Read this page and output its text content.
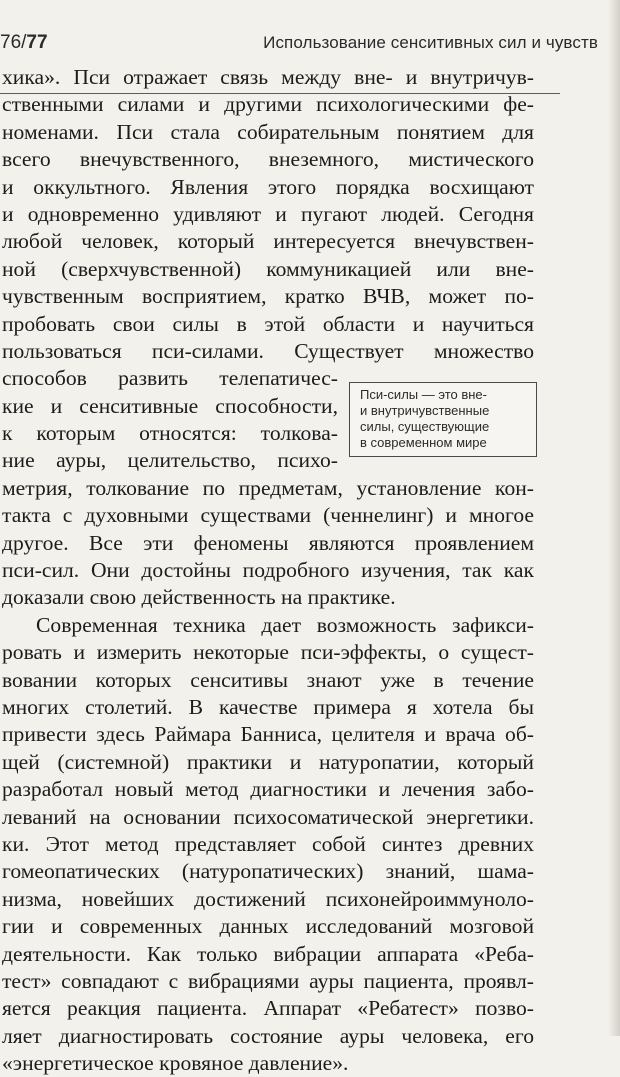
76/77	Использование сенситивных сил и чувств
хика». Пси отражает связь между вне- и внутричув-
ственными силами и другими психологическими фе-
номенами. Пси стала собирательным понятием для
всего внечувственного, внеземного, мистического
и оккультного. Явления этого порядка восхищают
и одновременно удивляют и пугают людей. Сегодня
любой человек, который интересуется внечувствен-
ной (сверхчувственной) коммуникацией или вне-
чувственным восприятием, кратко ВЧВ, может по-
пробовать свои силы в этой области и научиться
пользоваться пси-силами. Существует множество
способов развить телепатичес-
кие и сенситивные способности,
к которым относятся: толкова-
ние ауры, целительство, психо-
метрия, толкование по предметам, установление кон-
такта с духовными существами (ченнелинг) и многое
другое. Все эти феномены являются проявлением
пси-сил. Они достойны подробного изучения, так как
доказали свою действенность на практике.
Современная техника дает возможность зафикси-
ровать и измерить некоторые пси-эффекты, о сущест-
вовании которых сенситивы знают уже в течение
многих столетий. В качестве примера я хотела бы
привести здесь Раймара Банниса, целителя и врача об-
щей (системной) практики и натуропатии, который
разработал новый метод диагностики и лечения забо-
леваний на основании психосоматической энергетики.
ки. Этот метод представляет собой синтез древних
гомеопатических (натуропатических) знаний, шама-
низма, новейших достижений психонейроиммуноло-
гии и современных данных исследований мозговой
деятельности. Как только вибрации аппарата «Реба-
тест» совпадают с вибрациями ауры пациента, проявл-
яется реакция пациента. Аппарат «Ребатест» позво-
ляет диагностировать состояние ауры человека, его
«энергетическое кровяное давление».
Пси-силы — это вне-
и внутричувственные
силы, существующие
в современном мире
